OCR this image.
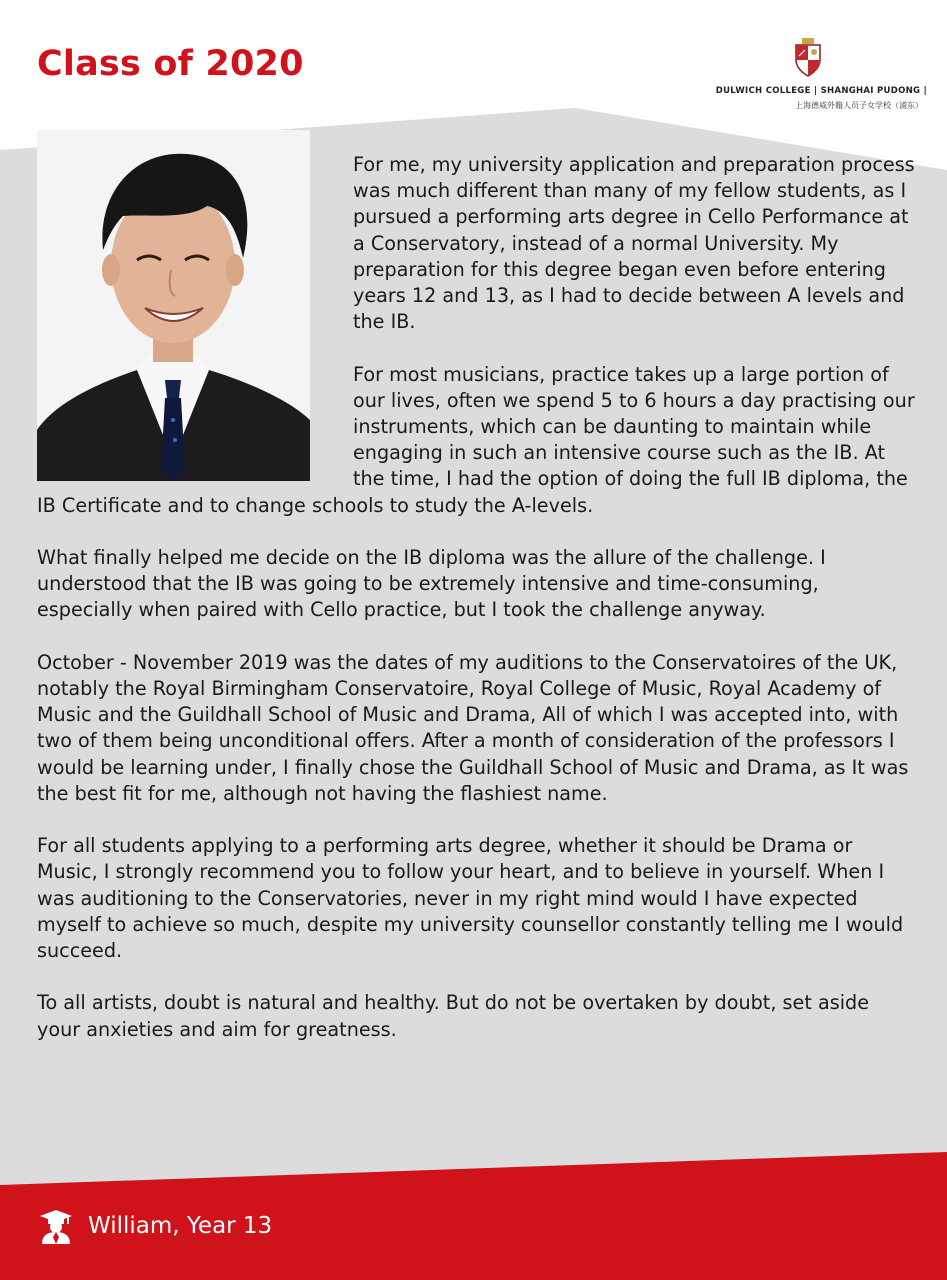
Class of 2020
DULWICH COLLEGE | SHANGHAI PUDONG |
上海德威外籍人员子女学校（浦东）

For me, my university application and preparation process was much different than many of my fellow students, as I pursued a performing arts degree in Cello Performance at a Conservatory, instead of a normal University. My preparation for this degree began even before entering years 12 and 13, as I had to decide between A levels and the IB.

For most musicians, practice takes up a large portion of our lives, often we spend 5 to 6 hours a day practising our instruments, which can be daunting to maintain while engaging in such an intensive course such as the IB. At the time, I had the option of doing the full IB diploma, the IB Certificate and to change schools to study the A-levels.

What finally helped me decide on the IB diploma was the allure of the challenge. I understood that the IB was going to be extremely intensive and time-consuming, especially when paired with Cello practice, but I took the challenge anyway.

October - November 2019 was the dates of my auditions to the Conservatoires of the UK, notably the Royal Birmingham Conservatoire, Royal College of Music, Royal Academy of Music and the Guildhall School of Music and Drama, All of which I was accepted into, with two of them being unconditional offers. After a month of consideration of the professors I would be learning under, I finally chose the Guildhall School of Music and Drama, as It was the best fit for me, although not having the flashiest name.

For all students applying to a performing arts degree, whether it should be Drama or Music, I strongly recommend you to follow your heart, and to believe in yourself. When I was auditioning to the Conservatories, never in my right mind would I have expected myself to achieve so much, despite my university counsellor constantly telling me I would succeed.

To all artists, doubt is natural and healthy. But do not be overtaken by doubt, set aside your anxieties and aim for greatness.

William, Year 13
